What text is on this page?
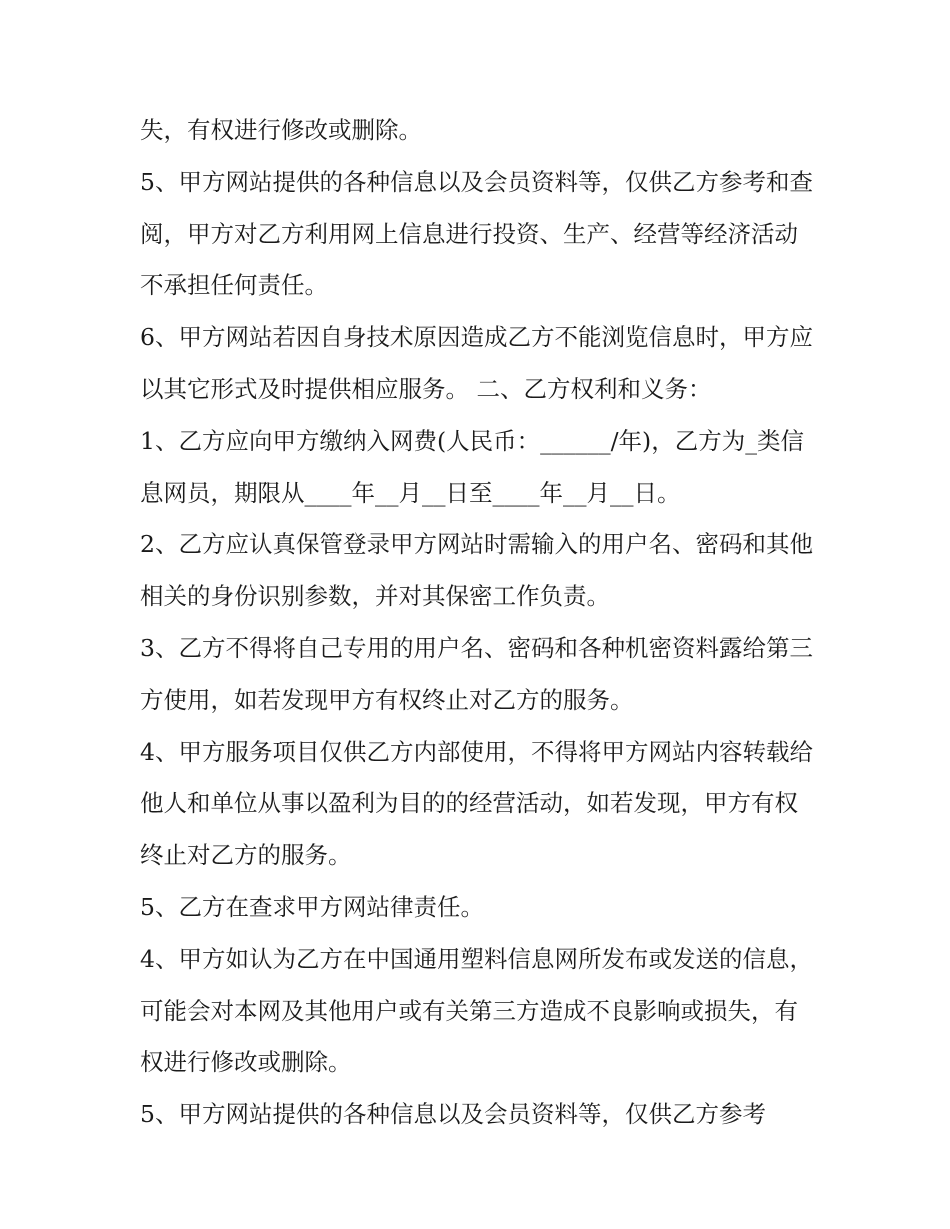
失，有权进行修改或删除。

5、甲方网站提供的各种信息以及会员资料等，仅供乙方参考和查阅，甲方对乙方利用网上信息进行投资、生产、经营等经济活动不承担任何责任。

6、甲方网站若因自身技术原因造成乙方不能浏览信息时，甲方应以其它形式及时提供相应服务。 二、乙方权利和义务：

1、乙方应向甲方缴纳入网费(人民币：______/年)，乙方为_类信息网员，期限从____年__月__日至____年__月__日。

2、乙方应认真保管登录甲方网站时需输入的用户名、密码和其他相关的身份识别参数，并对其保密工作负责。

3、乙方不得将自己专用的用户名、密码和各种机密资料露给第三方使用，如若发现甲方有权终止对乙方的服务。

4、甲方服务项目仅供乙方内部使用，不得将甲方网站内容转载给他人和单位从事以盈利为目的的经营活动，如若发现，甲方有权终止对乙方的服务。

5、乙方在查求甲方网站律责任。

4、甲方如认为乙方在中国通用塑料信息网所发布或发送的信息，可能会对本网及其他用户或有关第三方造成不良影响或损失，有权进行修改或删除。

5、甲方网站提供的各种信息以及会员资料等，仅供乙方参考
